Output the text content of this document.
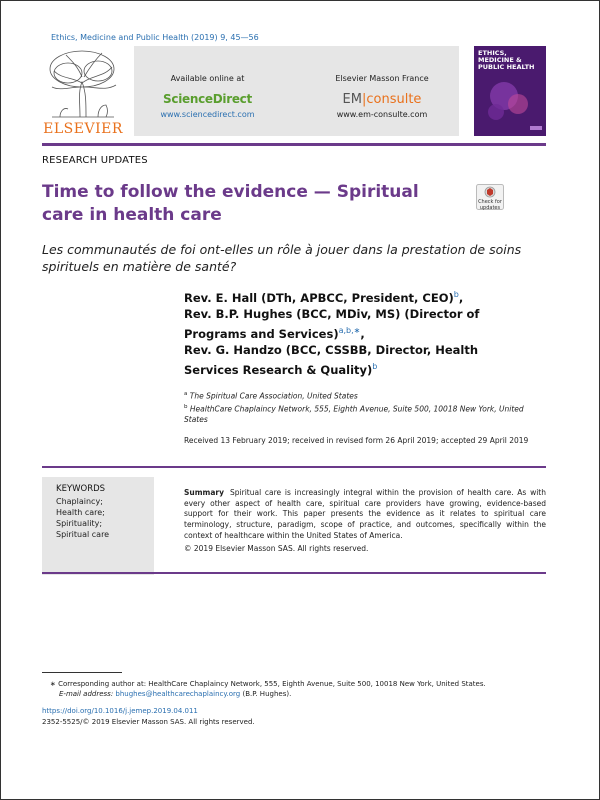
Ethics, Medicine and Public Health (2019) 9, 45—56
ELSEVIER
Available online at
ScienceDirect
www.sciencedirect.com
Elsevier Masson France
EM|consulte
www.em-consulte.com
ETHICS, MEDICINE & PUBLIC HEALTH
RESEARCH UPDATES
Time to follow the evidence — Spiritual care in health care
Check for updates
Les communautés de foi ont-elles un rôle à jouer dans la prestation de soins spirituels en matière de santé?
Rev. E. Hall (DTh, APBCC, President, CEO)$^b$,
Rev. B.P. Hughes (BCC, MDiv, MS) (Director of Programs and Services)$^{a,b,∗}$,
Rev. G. Handzo (BCC, CSSBB, Director, Health Services Research & Quality)$^b$
$^a$ The Spiritual Care Association, United States
$^b$ HealthCare Chaplaincy Network, 555, Eighth Avenue, Suite 500, 10018 New York, United States
Received 13 February 2019; received in revised form 26 April 2019; accepted 29 April 2019
KEYWORDS
Chaplaincy;
Health care;
Spirituality;
Spiritual care
Summary Spiritual care is increasingly integral within the provision of health care. As with every other aspect of health care, spiritual care providers have growing, evidence-based support for their work. This paper presents the evidence as it relates to spiritual care terminology, structure, paradigm, scope of practice, and outcomes, specifically within the context of healthcare within the United States of America.
© 2019 Elsevier Masson SAS. All rights reserved.
∗ Corresponding author at: HealthCare Chaplaincy Network, 555, Eighth Avenue, Suite 500, 10018 New York, United States.
E-mail address: bhughes@healthcarechaplaincy.org (B.P. Hughes).
https://doi.org/10.1016/j.jemep.2019.04.011
2352-5525/© 2019 Elsevier Masson SAS. All rights reserved.
